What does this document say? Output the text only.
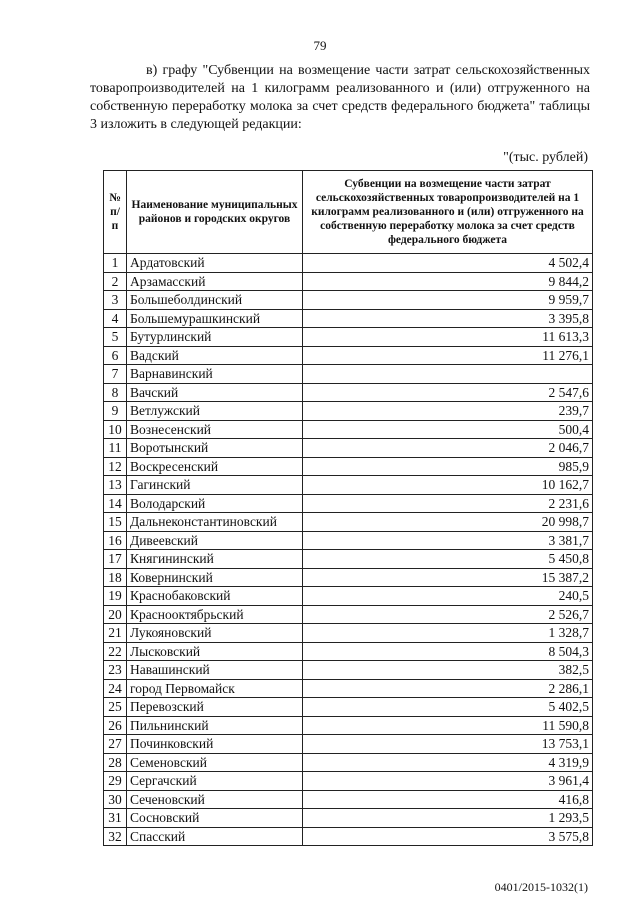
79
в) графу "Субвенции на возмещение части затрат сельскохозяйственных товаропроизводителей на 1 килограмм реализованного и (или) отгруженного на собственную переработку молока за счет средств федерального бюджета" таблицы 3 изложить в следующей редакции:
"(тыс. рублей)
№ п/п	Наименование муниципальных районов и городских округов	Субвенции на возмещение части затрат сельскохозяйственных товаропроизводителей на 1 килограмм реализованного и (или) отгруженного на собственную переработку молока за счет средств федерального бюджета
1	Ардатовский	4 502,4
2	Арзамасский	9 844,2
3	Большеболдинский	9 959,7
4	Большемурашкинский	3 395,8
5	Бутурлинский	11 613,3
6	Вадский	11 276,1
7	Варнавинский	
8	Вачский	2 547,6
9	Ветлужский	239,7
10	Вознесенский	500,4
11	Воротынский	2 046,7
12	Воскресенский	985,9
13	Гагинский	10 162,7
14	Володарский	2 231,6
15	Дальнеконстантиновский	20 998,7
16	Дивеевский	3 381,7
17	Княгининский	5 450,8
18	Ковернинский	15 387,2
19	Краснобаковский	240,5
20	Краснооктябрьский	2 526,7
21	Лукояновский	1 328,7
22	Лысковский	8 504,3
23	Навашинский	382,5
24	город Первомайск	2 286,1
25	Перевозский	5 402,5
26	Пильнинский	11 590,8
27	Починковский	13 753,1
28	Семеновский	4 319,9
29	Сергачский	3 961,4
30	Сеченовский	416,8
31	Сосновский	1 293,5
32	Спасский	3 575,8
0401/2015-1032(1)
